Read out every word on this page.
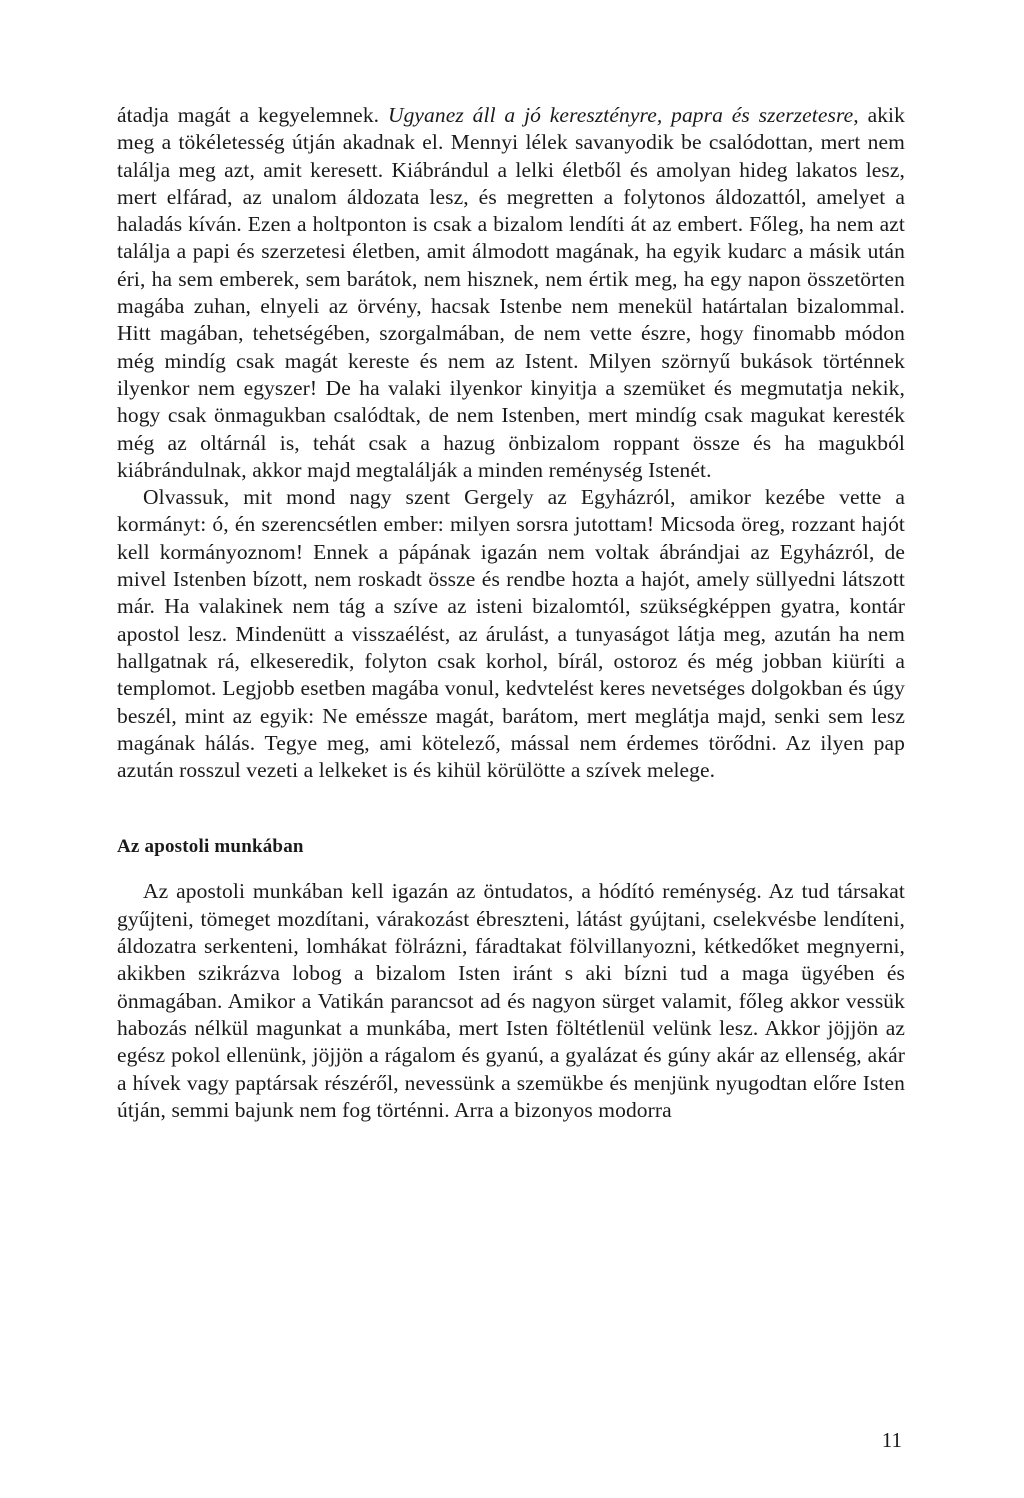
átadja magát a kegyelemnek. Ugyanez áll a jó keresztényre, papra és szerzetesre, akik meg a tökéletesség útján akadnak el. Mennyi lélek savanyodik be csalódottan, mert nem találja meg azt, amit keresett. Kiábrándul a lelki életből és amolyan hideg lakatos lesz, mert elfárad, az unalom áldozata lesz, és megretten a folytonos áldozattól, amelyet a haladás kíván. Ezen a holtponton is csak a bizalom lendíti át az embert. Főleg, ha nem azt találja a papi és szerzetesi életben, amit álmodott magának, ha egyik kudarc a másik után éri, ha sem emberek, sem barátok, nem hisznek, nem értik meg, ha egy napon összetörten magába zuhan, elnyeli az örvény, hacsak Istenbe nem menekül határtalan bizalommal. Hitt magában, tehetségében, szorgalmában, de nem vette észre, hogy finomabb módon még mindíg csak magát kereste és nem az Istent. Milyen szörnyű bukások történnek ilyenkor nem egyszer! De ha valaki ilyenkor kinyitja a szemüket és megmutatja nekik, hogy csak önmagukban csalódtak, de nem Istenben, mert mindíg csak magukat keresték még az oltárnál is, tehát csak a hazug önbizalom roppant össze és ha magukból kiábrándulnak, akkor majd megtalálják a minden reménység Istenét.

Olvassuk, mit mond nagy szent Gergely az Egyházról, amikor kezébe vette a kormányt: ó, én szerencsétlen ember: milyen sorsra jutottam! Micsoda öreg, rozzant hajót kell kormányoznom! Ennek a pápának igazán nem voltak ábrándjai az Egyházról, de mivel Istenben bízott, nem roskadt össze és rendbe hozta a hajót, amely süllyedni látszott már. Ha valakinek nem tág a szíve az isteni bizalomtól, szükségképpen gyatra, kontár apostol lesz. Mindenütt a visszaélést, az árulást, a tunyaságot látja meg, azután ha nem hallgatnak rá, elkeseredik, folyton csak korhol, bírál, ostoroz és még jobban kiüríti a templomot. Legjobb esetben magába vonul, kedvtelést keres nevetséges dolgokban és úgy beszél, mint az egyik: Ne eméssze magát, barátom, mert meglátja majd, senki sem lesz magának hálás. Tegye meg, ami kötelező, mással nem érdemes törődni. Az ilyen pap azután rosszul vezeti a lelkeket is és kihül körülötte a szívek melege.

Az apostoli munkában

Az apostoli munkában kell igazán az öntudatos, a hódító reménység. Az tud társakat gyűjteni, tömeget mozdítani, várakozást ébreszteni, látást gyújtani, cselekvésbe lendíteni, áldozatra serkenteni, lomhákat fölrázni, fáradtakat fölvillanyozni, kétkedőket megnyerni, akikben szikrázva lobog a bizalom Isten iránt s aki bízni tud a maga ügyében és önmagában. Amikor a Vatikán parancsot ad és nagyon sürget valamit, főleg akkor vessük habozás nélkül magunkat a munkába, mert Isten föltétlenül velünk lesz. Akkor jöjjön az egész pokol ellenünk, jöjjön a rágalom és gyanú, a gyalázat és gúny akár az ellenség, akár a hívek vagy paptársak részéről, nevessünk a szemükbe és menjünk nyugodtan előre Isten útján, semmi bajunk nem fog történni. Arra a bizonyos modorra

11
